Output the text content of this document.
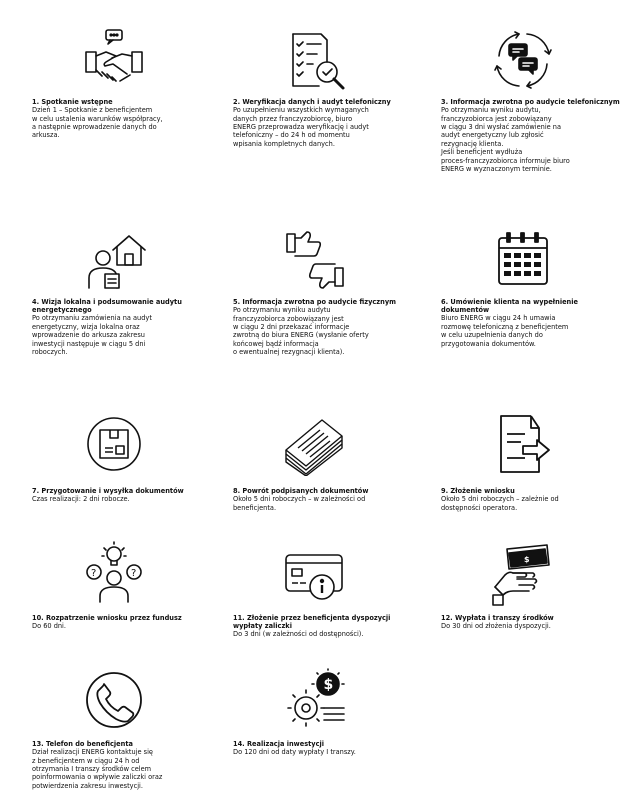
1. Spotkanie wstępne

Dzień 1 – Spotkanie z beneficjentem
w celu ustalenia warunków współpracy,
a następnie wprowadzenie danych do
arkusza.

2. Weryfikacja danych i audyt telefoniczny

Po uzupełnieniu wszystkich wymaganych
danych przez franczyzobiorcę, biuro
ENERG przeprowadza weryfikację i audyt
telefoniczny – do 24 h od momentu
wpisania kompletnych danych.

3. Informacja zwrotna po audycie telefonicznym

Po otrzymaniu wyniku audytu,
franczyzobiorca jest zobowiązany
w ciągu 3 dni wysłać zamówienie na
audyt energetyczny lub zgłosić
rezygnację klienta.
Jeśli beneficjent wydłuża
proces-franczyzobiorca informuje biuro
ENERG w wyznaczonym terminie.

4. Wizja lokalna i podsumowanie audytu energetycznego

Po otrzymaniu zamówienia na audyt
energetyczny, wizja lokalna oraz
wprowadzenie do arkusza zakresu
inwestycji następuje w ciągu 5 dni
roboczych.

5. Informacja zwrotna po audycie fizycznym

Po otrzymaniu wyniku audytu
franczyzobiorca zobowiązany jest
w ciągu 2 dni przekazać informacje
zwrotną do biura ENERG (wysłanie oferty
końcowej bądź informacja
o ewentualnej rezygnacji klienta).

6. Umówienie klienta na wypełnienie dokumentów

Biuro ENERG w ciągu 24 h umawia
rozmowę telefoniczną z beneficjentem
w celu uzupełnienia danych do
przygotowania dokumentów.

7. Przygotowanie i wysyłka dokumentów

Czas realizacji: 2 dni robocze.

8. Powrót podpisanych dokumentów

Około 5 dni roboczych – w zależności od
beneficjenta.

9. Złożenie wniosku

Około 5 dni roboczych – zależnie od
dostępności operatora.

?	?

10. Rozpatrzenie wniosku przez fundusz

Do 60 dni.

11. Złożenie przez beneficjenta dyspozycji wypłaty zaliczki

Do 3 dni (w zależności od dostępności).

$

12. Wypłata i transzy środków

Do 30 dni od złożenia dyspozycji.

13. Telefon do beneficjenta

Dział realizacji ENERG kontaktuje się
z beneficjentem w ciągu 24 h od
otrzymania I transzy środków celem
poinformowania o wpływie zaliczki oraz
potwierdzenia zakresu inwestycji.

$

14. Realizacja inwestycji

Do 120 dni od daty wypłaty I transzy.
